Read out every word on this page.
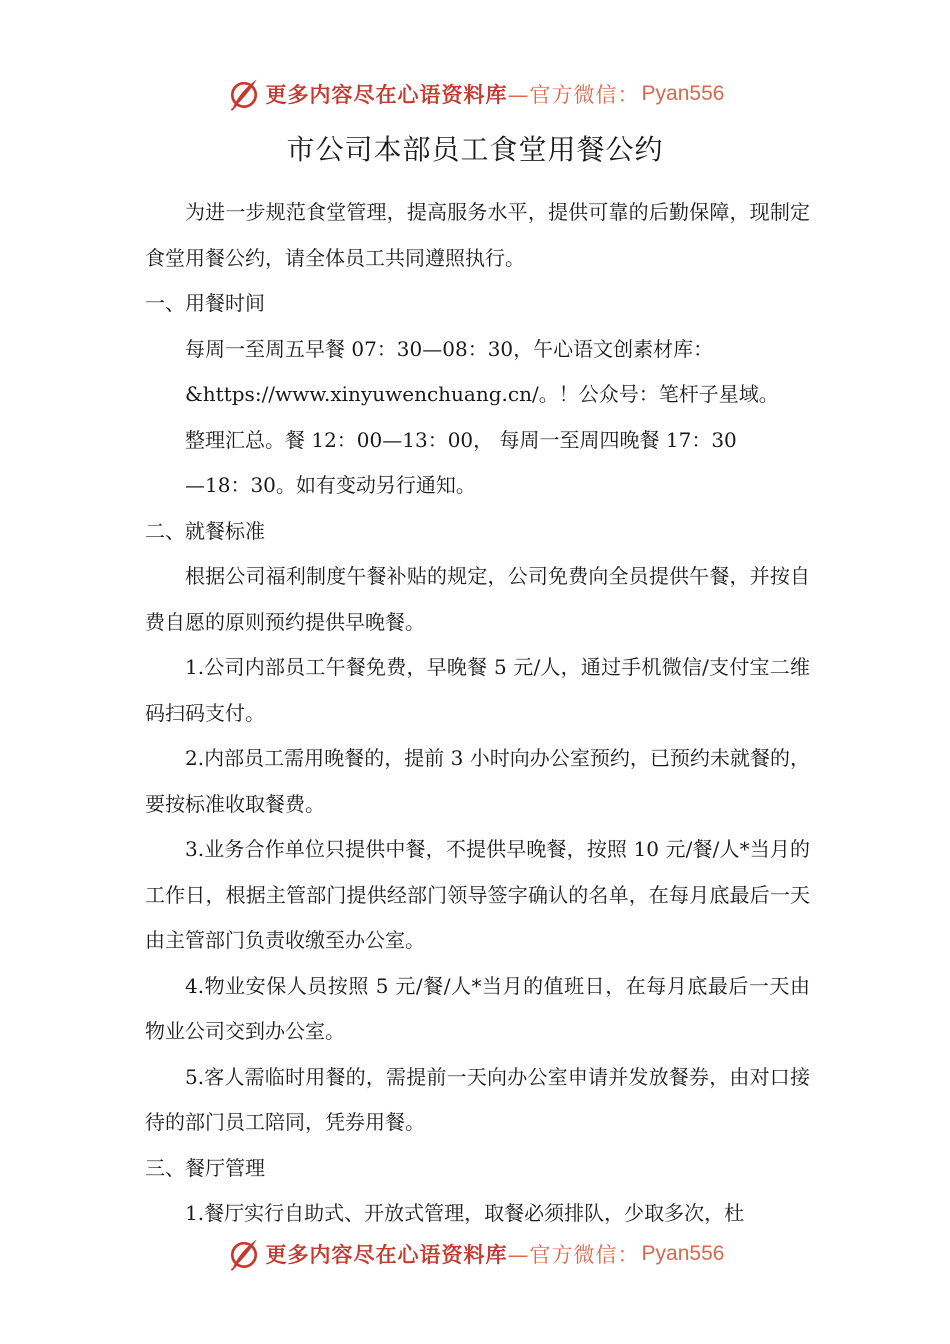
更多内容尽在心语资料库 —官方微信： Pyan556
市公司本部员工食堂用餐公约

为进一步规范食堂管理，提高服务水平，提供可靠的后勤保障，现制定食堂用餐公约，请全体员工共同遵照执行。

一、用餐时间

每周一至周五早餐 07：30—08：30，午心语文创素材库：

&https://www.xinyuwenchuang.cn/。！公众号：笔杆子星域。

整理汇总。餐 12：00—13：00， 每周一至周四晚餐 17：30

—18：30。如有变动另行通知。

二、就餐标准

根据公司福利制度午餐补贴的规定，公司免费向全员提供午餐，并按自费自愿的原则预约提供早晚餐。

1.公司内部员工午餐免费，早晚餐 5 元/人，通过手机微信/支付宝二维码扫码支付。

2.内部员工需用晚餐的，提前 3 小时向办公室预约，已预约未就餐的，要按标准收取餐费。

3.业务合作单位只提供中餐，不提供早晚餐，按照 10 元/餐/人*当月的工作日，根据主管部门提供经部门领导签字确认的名单，在每月底最后一天由主管部门负责收缴至办公室。

4.物业安保人员按照 5 元/餐/人*当月的值班日，在每月底最后一天由物业公司交到办公室。

5.客人需临时用餐的，需提前一天向办公室申请并发放餐券，由对口接待的部门员工陪同，凭券用餐。

三、餐厅管理

1.餐厅实行自助式、开放式管理，取餐必须排队，少取多次，杜

更多内容尽在心语资料库 —官方微信： Pyan556
